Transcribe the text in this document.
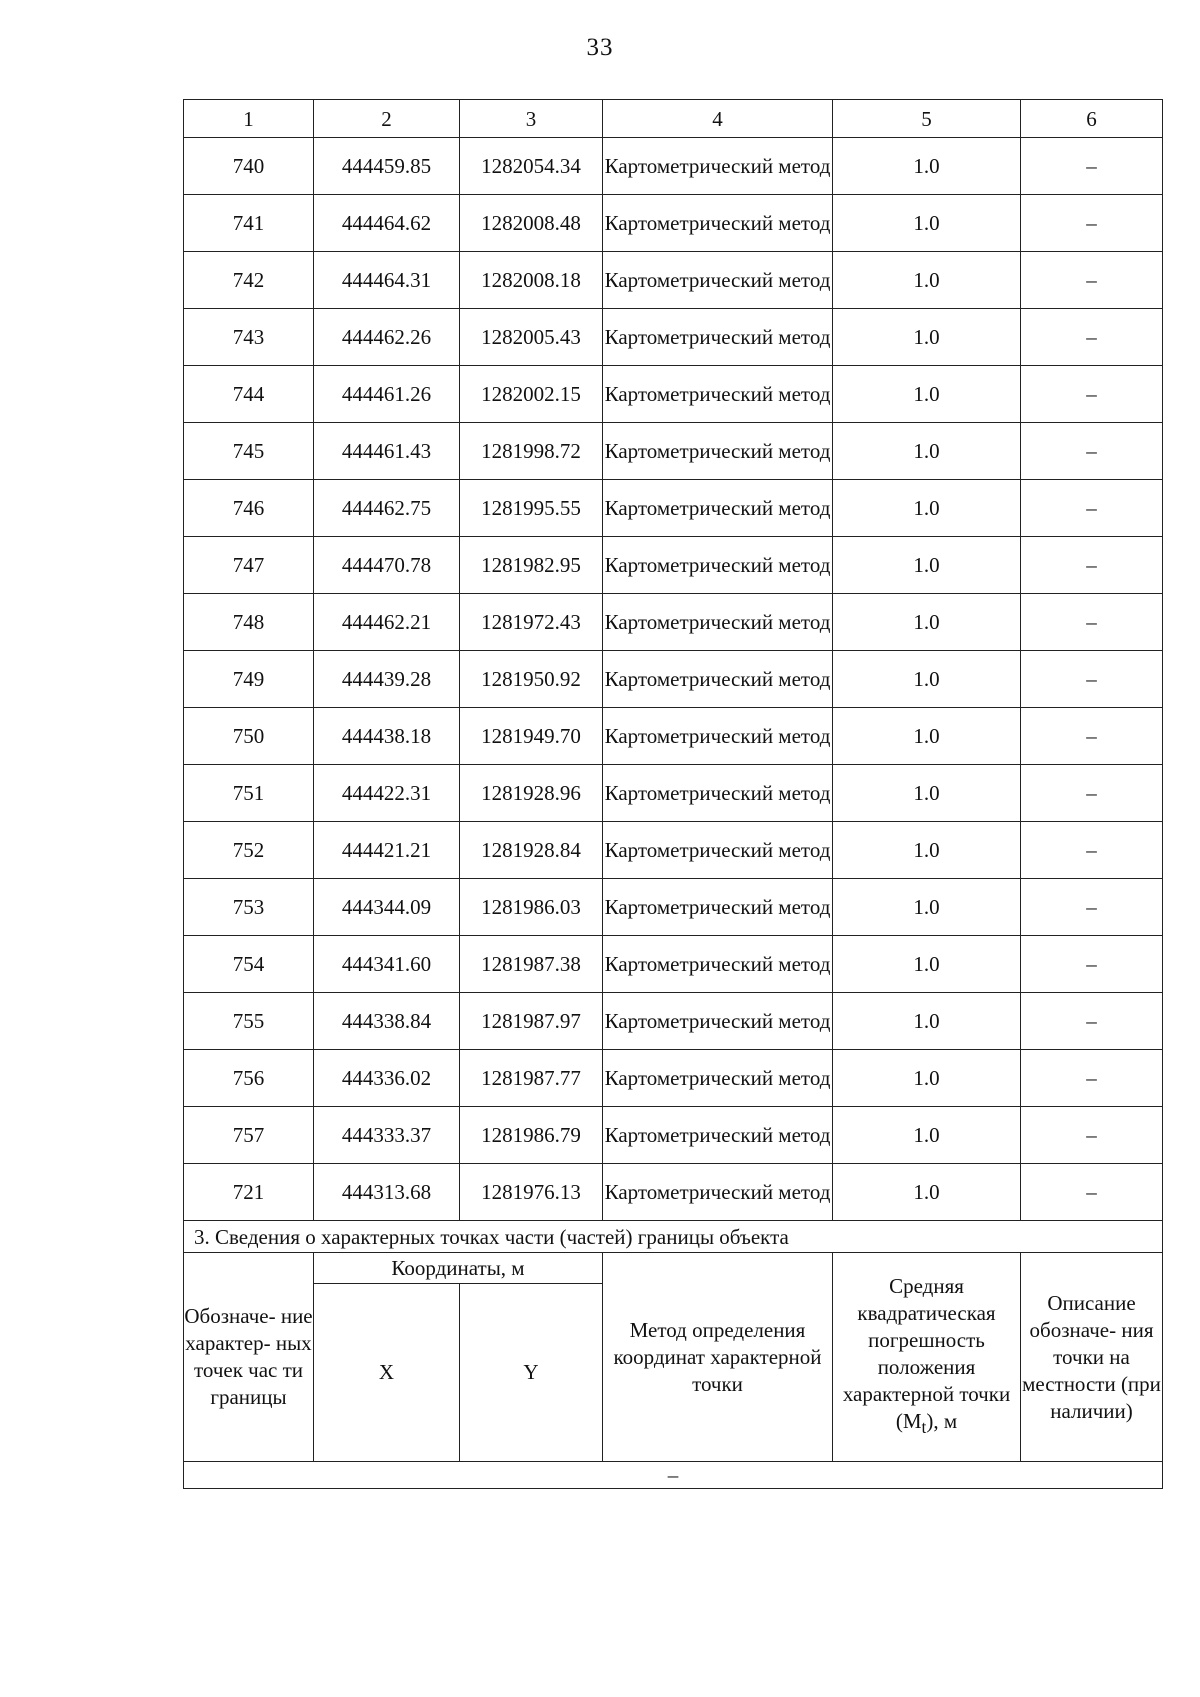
33
1	2	3	4	5	6
740	444459.85	1282054.34	Картометрический метод	1.0	–
741	444464.62	1282008.48	Картометрический метод	1.0	–
742	444464.31	1282008.18	Картометрический метод	1.0	–
743	444462.26	1282005.43	Картометрический метод	1.0	–
744	444461.26	1282002.15	Картометрический метод	1.0	–
745	444461.43	1281998.72	Картометрический метод	1.0	–
746	444462.75	1281995.55	Картометрический метод	1.0	–
747	444470.78	1281982.95	Картометрический метод	1.0	–
748	444462.21	1281972.43	Картометрический метод	1.0	–
749	444439.28	1281950.92	Картометрический метод	1.0	–
750	444438.18	1281949.70	Картометрический метод	1.0	–
751	444422.31	1281928.96	Картометрический метод	1.0	–
752	444421.21	1281928.84	Картометрический метод	1.0	–
753	444344.09	1281986.03	Картометрический метод	1.0	–
754	444341.60	1281987.38	Картометрический метод	1.0	–
755	444338.84	1281987.97	Картометрический метод	1.0	–
756	444336.02	1281987.77	Картометрический метод	1.0	–
757	444333.37	1281986.79	Картометрический метод	1.0	–
721	444313.68	1281976.13	Картометрический метод	1.0	–
3. Сведения о характерных точках части (частей) границы объекта					
Обозначе- ние характер- ных точек час ти границы	Координаты, м		Метод определения координат характерной точки	Средняя квадратическая погрешность положения характерной точки $(M_t)$, м	Описание обозначе- ния точки на местности (при наличии)
	X	Y			
–					
